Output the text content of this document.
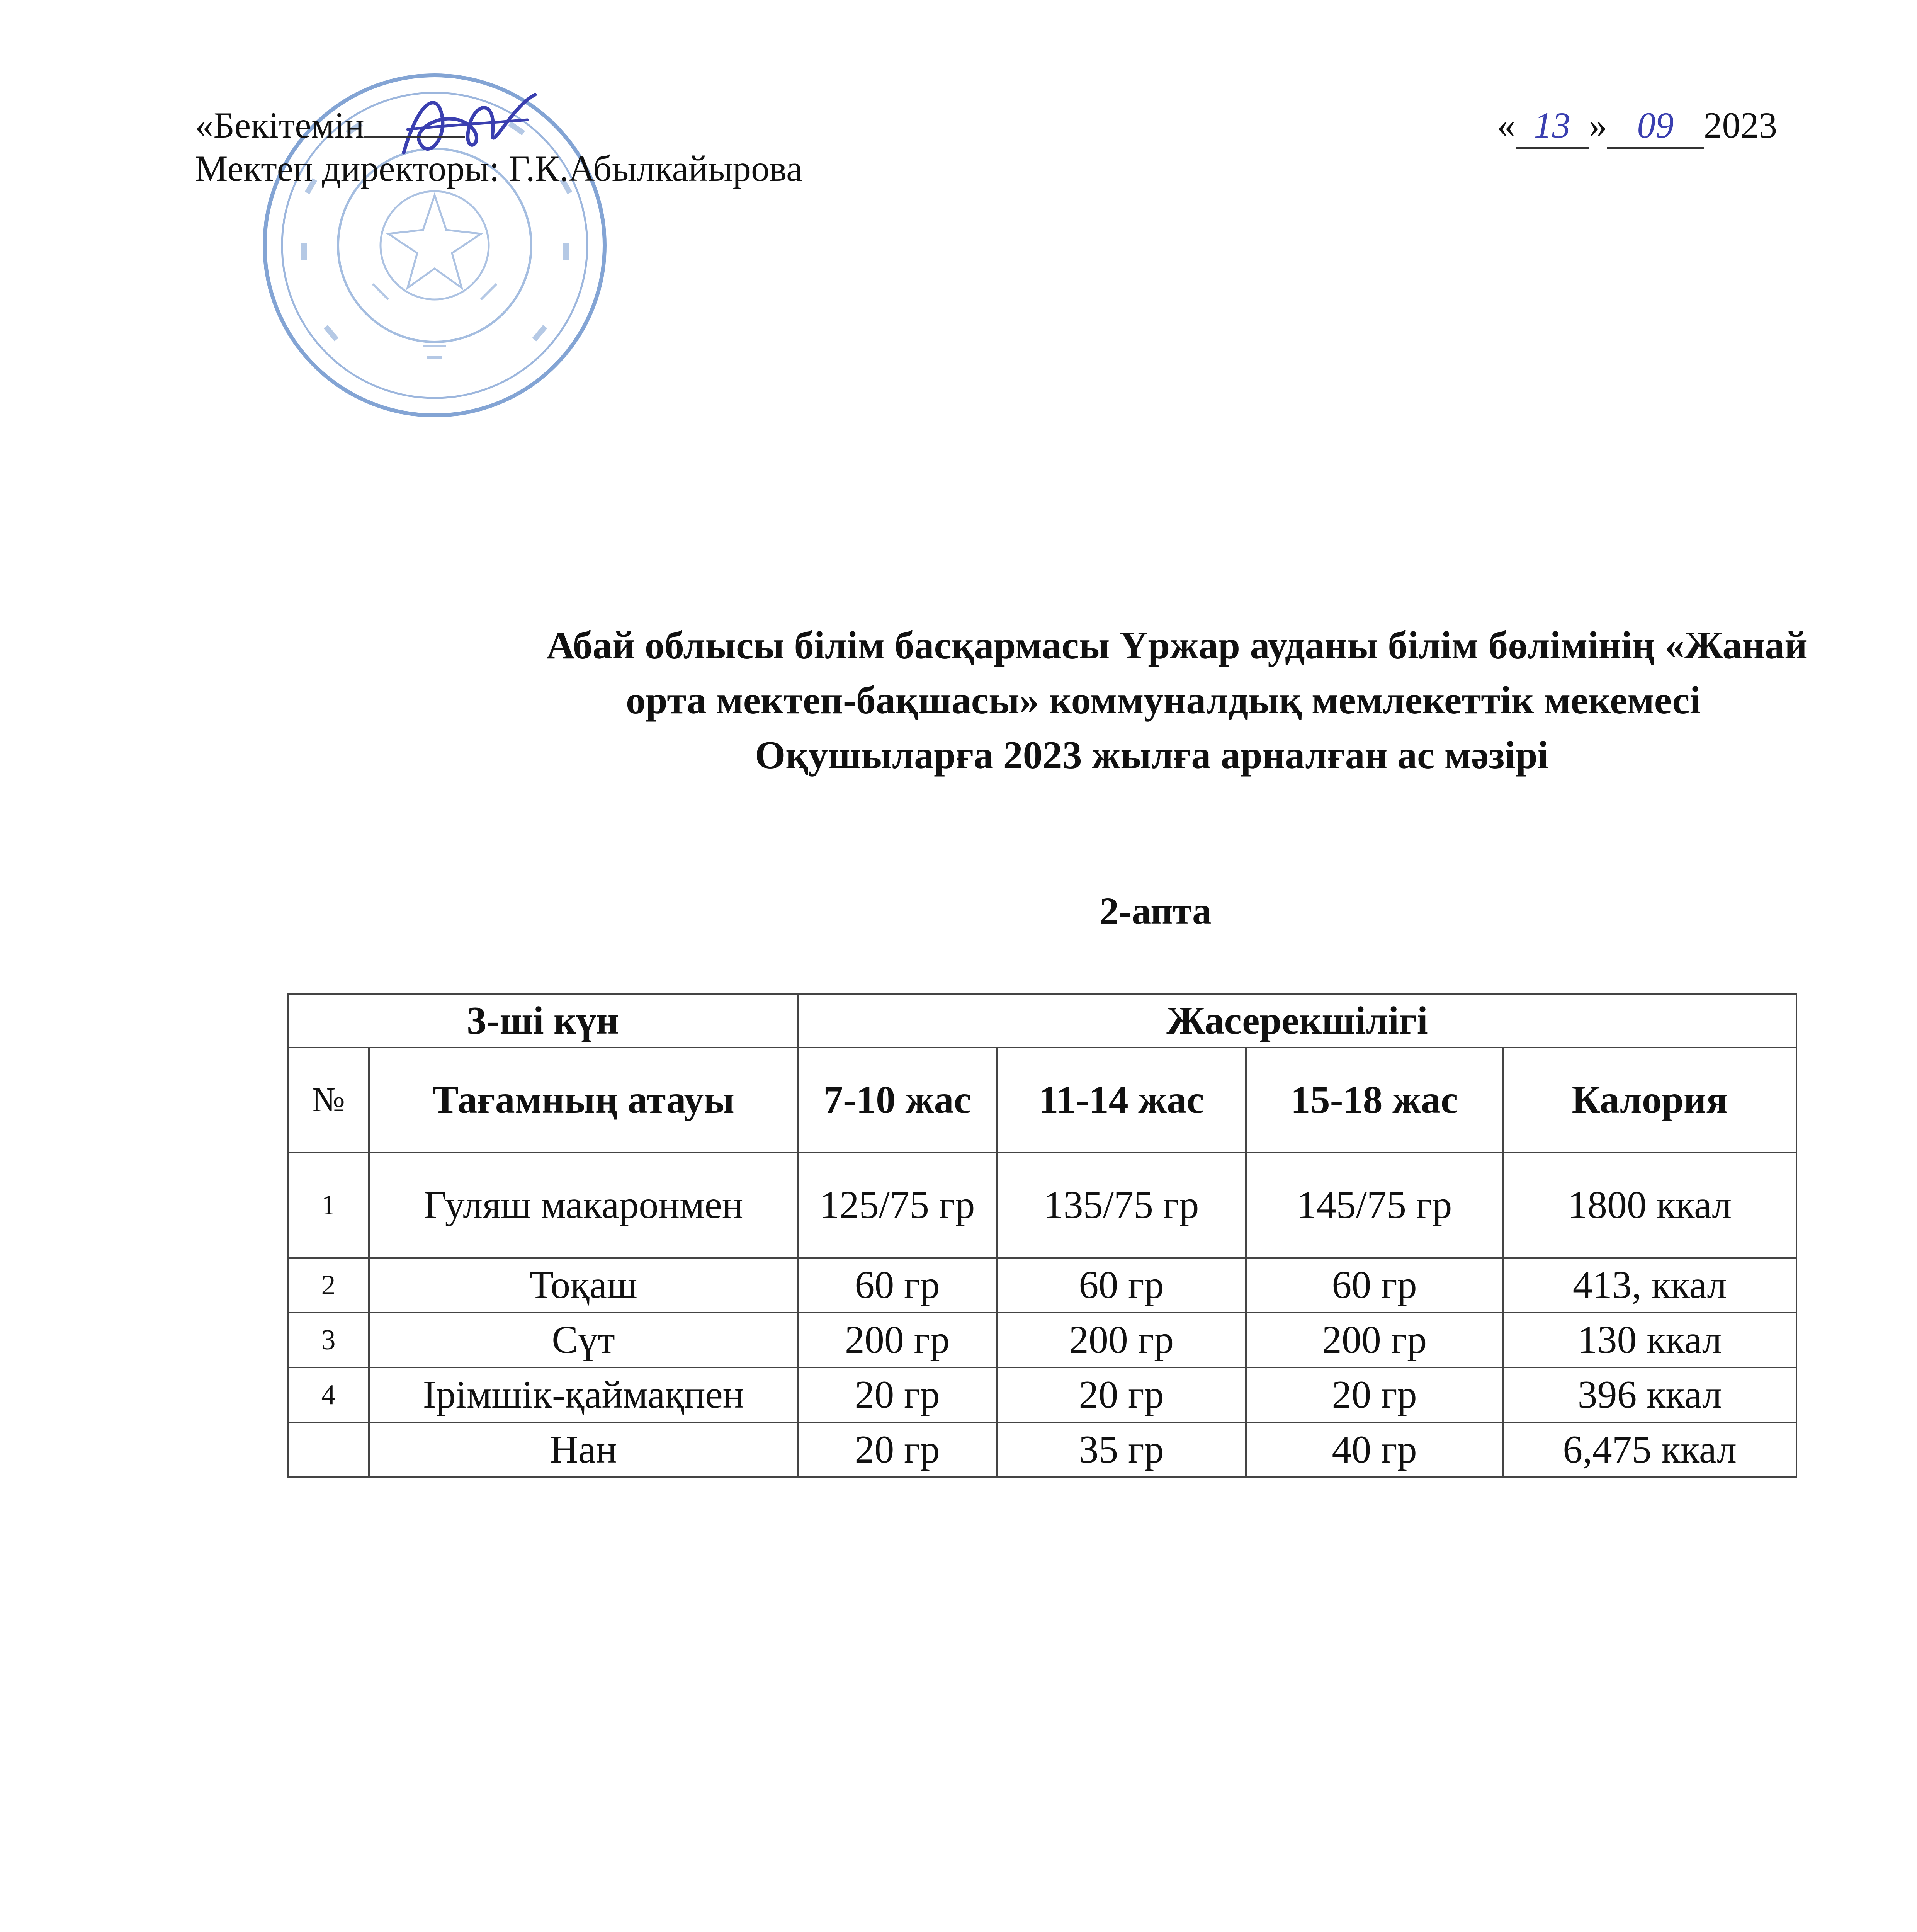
«Бекітемін
Мектеп директоры: Г.К.Абылкайырова
« 13 » 09 2023
Абай облысы білім басқармасы Үржар ауданы білім бөлімінің «Жанай
орта мектеп-бақшасы» коммуналдық мемлекеттік мекемесі
Оқушыларға 2023 жылға арналған ас мәзірі
2-апта
3-ші күн		Жасерекшілігі			
№	Тағамның атауы	7-10 жас	11-14 жас	15-18 жас	Калория
1	Гуляш макаронмен	125/75 гр	135/75 гр	145/75 гр	1800 ккал
2	Тоқаш	60 гр	60 гр	60 гр	413, ккал
3	Сүт	200 гр	200 гр	200 гр	130 ккал
4	Ірімшік-қаймақпен	20 гр	20 гр	20 гр	396 ккал
	Нан	20 гр	35 гр	40 гр	6,475 ккал
